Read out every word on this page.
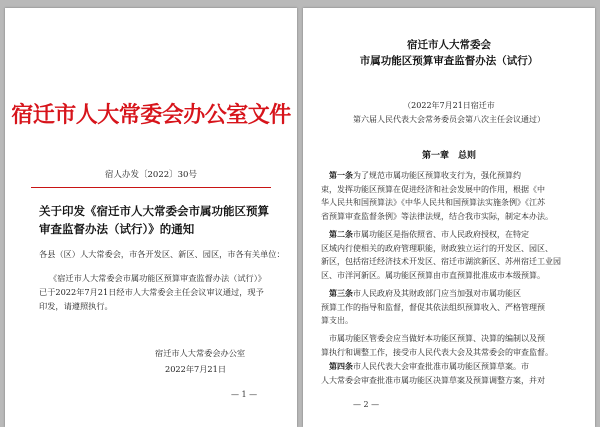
宿迁市人大常委会办公室文件

宿人办发〔2022〕30号

关于印发《宿迁市人大常委会市属功能区预算

审查监督办法（试行）》的通知

各县（区）人大常委会，市各开发区、新区、园区，市各有关单位：

《宿迁市人大常委会市属功能区预算审查监督办法（试行）》

已于2022年7月21日经市人大常委会主任会议审议通过，现予

印发，请遵照执行。

宿迁市人大常委会办公室

2022年7月21日

— 1 —

宿迁市人大常委会

市属功能区预算审查监督办法（试行）

（2022年7月21日宿迁市

第六届人民代表大会常务委员会第八次主任会议通过）

第一章　总则

第一条为了规范市属功能区预算收支行为，强化预算约
束，发挥功能区预算在促进经济和社会发展中的作用，根据《中
华人民共和国预算法》《中华人民共和国预算法实施条例》《江苏
省预算审查监督条例》等法律法规，结合我市实际，制定本办法。
第二条市属功能区是指依照省、市人民政府授权，在特定
区域内行使相关的政府管理职能，财政独立运行的开发区、园区、
新区，包括宿迁经济技术开发区、宿迁市湖滨新区、苏州宿迁工业园
区、市洋河新区。属功能区预算由市直预算批准成市本级预算。
第三条市人民政府及其财政部门应当加强对市属功能区
预算工作的指导和监督，督促其依法组织预算收入、严格管理预
算支出。
市属功能区管委会应当做好本功能区预算、决算的编制以及预
算执行和调整工作，接受市人民代表大会及其常委会的审查监督。
第四条市人民代表大会审查批准市属功能区预算草案。市
人大常委会审查批准市属功能区决算草案及预算调整方案，并对

— 2 —
